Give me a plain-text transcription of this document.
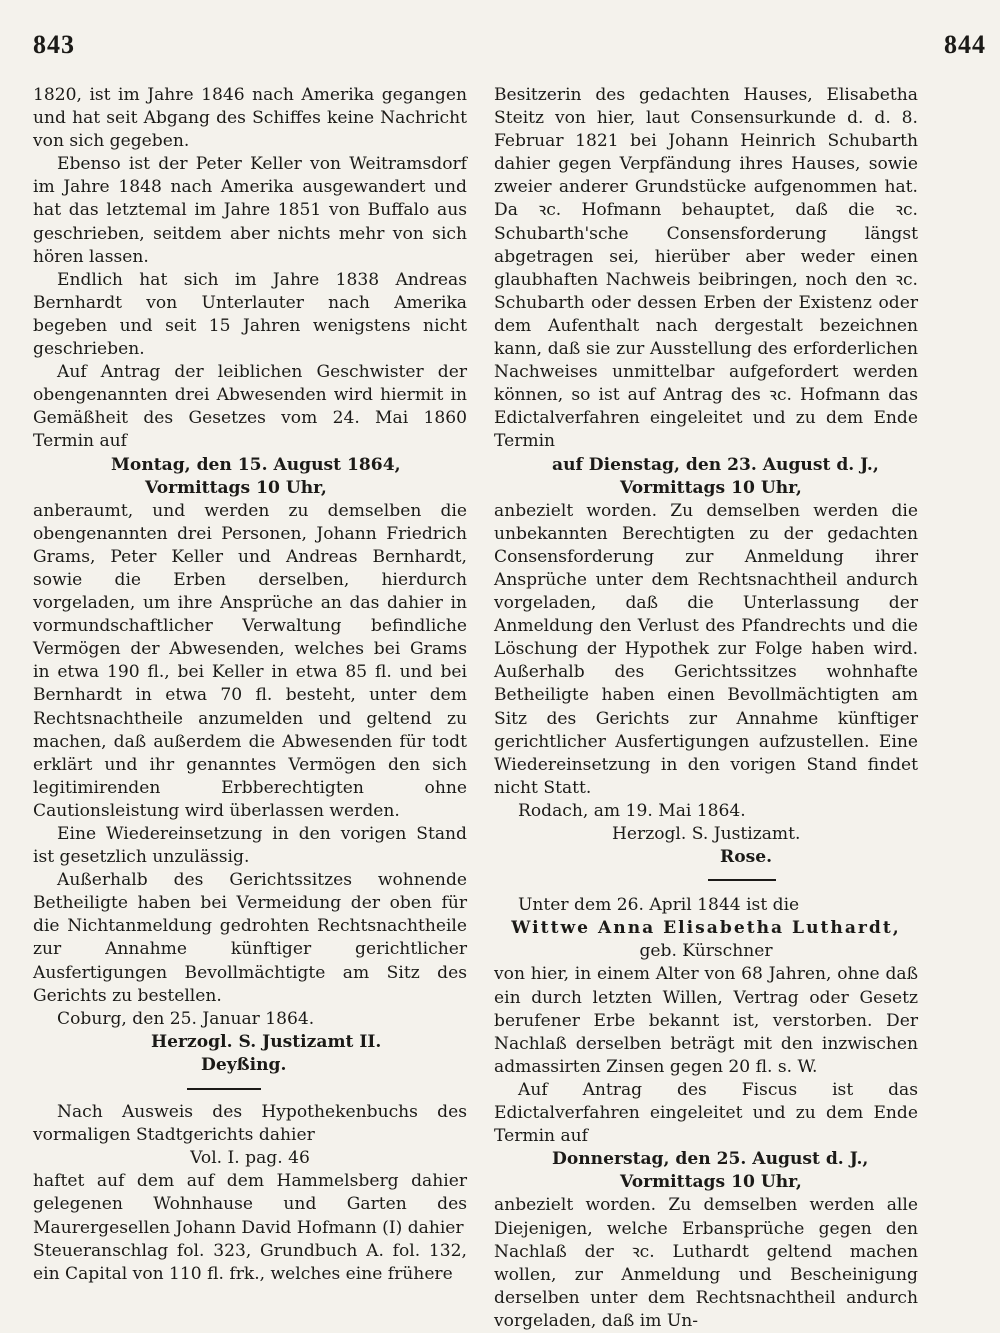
843	844

1820, ist im Jahre 1846 nach Amerika gegangen und hat seit Abgang des Schiffes keine Nachricht von sich gegeben.

Ebenso ist der Peter Keller von Weitramsdorf im Jahre 1848 nach Amerika ausgewandert und hat das letztemal im Jahre 1851 von Buffalo aus geschrieben, seitdem aber nichts mehr von sich hören lassen.

Endlich hat sich im Jahre 1838 Andreas Bernhardt von Unterlauter nach Amerika begeben und seit 15 Jahren wenigstens nicht geschrieben.

Auf Antrag der leiblichen Geschwister der obengenannten drei Abwesenden wird hiermit in Gemäßheit des Gesetzes vom 24. Mai 1860 Termin auf

Montag, den 15. August 1864,

Vormittags 10 Uhr,

anberaumt, und werden zu demselben die obengenannten drei Personen, Johann Friedrich Grams, Peter Keller und Andreas Bernhardt, sowie die Erben derselben, hierdurch vorgeladen, um ihre Ansprüche an das dahier in vormundschaftlicher Verwaltung befindliche Vermögen der Abwesenden, welches bei Grams in etwa 190 fl., bei Keller in etwa 85 fl. und bei Bernhardt in etwa 70 fl. besteht, unter dem Rechtsnachtheile anzumelden und geltend zu machen, daß außerdem die Abwesenden für todt erklärt und ihr genanntes Vermögen den sich legitimirenden Erbberechtigten ohne Cautionsleistung wird überlassen werden.

Eine Wiedereinsetzung in den vorigen Stand ist gesetzlich unzulässig.

Außerhalb des Gerichtssitzes wohnende Betheiligte haben bei Vermeidung der oben für die Nichtanmeldung gedrohten Rechtsnachtheile zur Annahme künftiger gerichtlicher Ausfertigungen Bevollmächtigte am Sitz des Gerichts zu bestellen.

Coburg, den 25. Januar 1864.

Herzogl. S. Justizamt II.

Deyßing.

Nach Ausweis des Hypothekenbuchs des vormaligen Stadtgerichts dahier

Vol. I. pag. 46

haftet auf dem auf dem Hammelsberg dahier gelegenen Wohnhause und Garten des Maurergesellen Johann David Hofmann (I) dahier

Steueranschlag fol. 323, Grundbuch A. fol. 132, ein Capital von 110 fl. frk., welches eine frühere

Besitzerin des gedachten Hauses, Elisabetha Steitz von hier, laut Consensurkunde d. d. 8. Februar 1821 bei Johann Heinrich Schubarth dahier gegen Verpfändung ihres Hauses, sowie zweier anderer Grundstücke aufgenommen hat. Da ꝛc. Hofmann behauptet, daß die ꝛc. Schubarth'sche Consensforderung längst abgetragen sei, hierüber aber weder einen glaubhaften Nachweis beibringen, noch den ꝛc. Schubarth oder dessen Erben der Existenz oder dem Aufenthalt nach dergestalt bezeichnen kann, daß sie zur Ausstellung des erforderlichen Nachweises unmittelbar aufgefordert werden können, so ist auf Antrag des ꝛc. Hofmann das Edictalverfahren eingeleitet und zu dem Ende Termin

auf Dienstag, den 23. August d. J.,

Vormittags 10 Uhr,

anbezielt worden. Zu demselben werden die unbekannten Berechtigten zu der gedachten Consensforderung zur Anmeldung ihrer Ansprüche unter dem Rechtsnachtheil andurch vorgeladen, daß die Unterlassung der Anmeldung den Verlust des Pfandrechts und die Löschung der Hypothek zur Folge haben wird. Außerhalb des Gerichtssitzes wohnhafte Betheiligte haben einen Bevollmächtigten am Sitz des Gerichts zur Annahme künftiger gerichtlicher Ausfertigungen aufzustellen. Eine Wiedereinsetzung in den vorigen Stand findet nicht Statt.

Rodach, am 19. Mai 1864.

Herzogl. S. Justizamt.

Rose.

Unter dem 26. April 1844 ist die

Wittwe Anna Elisabetha Luthardt,

geb. Kürschner

von hier, in einem Alter von 68 Jahren, ohne daß ein durch letzten Willen, Vertrag oder Gesetz berufener Erbe bekannt ist, verstorben. Der Nachlaß derselben beträgt mit den inzwischen admassirten Zinsen gegen 20 fl. s. W.

Auf Antrag des Fiscus ist das Edictalverfahren eingeleitet und zu dem Ende Termin auf

Donnerstag, den 25. August d. J.,

Vormittags 10 Uhr,

anbezielt worden. Zu demselben werden alle Diejenigen, welche Erbansprüche gegen den Nachlaß der ꝛc. Luthardt geltend machen wollen, zur Anmeldung und Bescheinigung derselben unter dem Rechtsnachtheil andurch vorgeladen, daß im Un-
